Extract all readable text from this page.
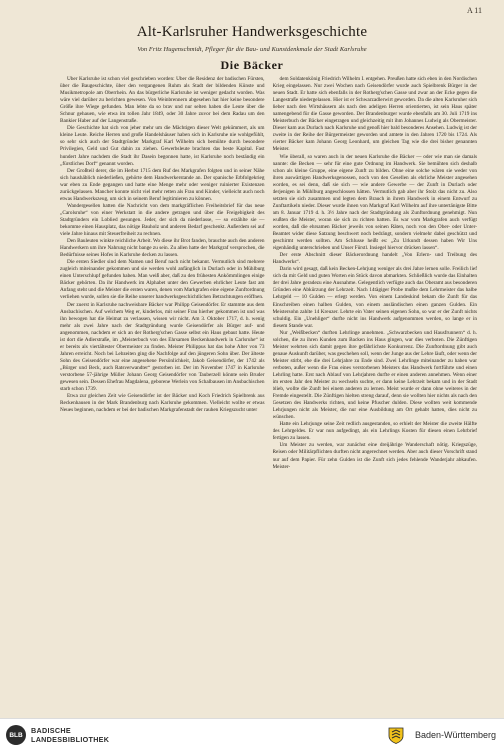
A 11
Alt-Karlsruher Handwerksgeschichte
Von Fritz Hugenschmidt, Pfleger für die Bau- und Kunstdenkmale der Stadt Karlsruhe
Die Bäcker

Über Karlsruhe ist schon viel geschrieben worden: Über die Residenz der badischen Fürsten, über die Baugeschichte, über den vergangenen Ruhm als Stadt der bildenden Künste und Musikmetropole am Oberrhein. An das bürgerliche Karlsruhe ist weniger gedacht worden. Was wäre viel darüber zu berichten gewesen. Von Weinbrennern abgesehen hat hier keine besondere Größe ihre Wiege gefunden. Man lebte da so brav und nur selten haben die Leute über die Schnur gehauen, wie etwa im tollen Jahr 1849, oder 30 Jahre zuvor bei dem Radau um den Bankier Haber auf der Langenstraße.

Die Geschichte hat sich von jeher mehr um die Mächtigen dieser Welt gekümmert, als um kleine Leute. Reiche Herren und große Handelshäuser haben sich in Karlsruhe nie wohlgefühlt, so sehr sich auch der Stadtgründer Markgraf Karl Wilhelm sich bemühte durch besondere Privilegien, Geld und Gut dahin zu ziehen. Gewerbsleute brachten das beste Kapital. Fast hundert Jahre nachdem die Stadt ihr Dasein begonnen hatte, ist Karlsruhe noch beständig ein „fürstliches Dorf“ genannt worden.

Der Großteil derer, die im Herbst 1715 dem Ruf des Markgrafen folgten und in seiner Nähe sich haushäblich niederließen, gehörte dem Handwerkerstande an. Der spanische Erbfolgekrieg war eben zu Ende gegangen und hatte eine Menge mehr oder weniger ruinierter Existenzen zurückgelassen. Mancher konnte nicht viel mehr retten als Frau und Kinder, vielleicht auch noch etwas Handwerkszeug, um sich in seinem Beruf legitimieren zu können.

Wandergesellen hatten die Nachricht von dem markgräflichen Freiheitsbrief für das neue „Carolsruhe“ von einer Werkstatt in die andere getragen und über die Freigebigkeit des Stadtgründers ein Loblied gesungen. Jeder, der sich da niederlasse, — so erzählte sie — bekomme einen Hausplatz, das nötige Bauholz und anderen Bedarf geschenkt. Außerdem sei auf viele Jahre hinaus mit Steuerfreiheit zu rechnen.

Den Bauleuten winkte reichliche Arbeit. Wo diese ihr Brot fanden, brauchte auch den anderen Handwerkern um ihre Nahrung nicht bange zu sein. Zu allen hatte der Markgraf versprochen, die Bedürfnisse seines Hofes in Karlsruhe decken zu lassen.

Die ersten Siedler sind dem Namen und Beruf nach nicht bekannt. Vermutlich sind mehrere zugleich miteinander gekommen und sie werden wohl anfänglich in Durlach oder in Mühlburg einen Unterschlupf gefunden haben. Man weiß aber, daß zu den frühesten Ankömmlingen einige Bäcker gehörten. Da ihr Handwerk im Alphabet unter den Gewerben ehrlicher Leute fast am Anfang steht und die Meister die ersten waren, denen vom Markgrafen eine eigene Zunftordnung verliehen wurde, sollen sie die Reihe unserer handwerksgeschichtlichen Betrachtungen eröffnen.

Der zuerst in Karlsruhe nachweisbare Bäcker war Philipp Geisendörfer. Er stammte aus dem Ansbachischen. Auf welchem Weg er, kinderlos, mit seiner Frau hierher gekommen ist und was ihn bewogen hat die Heimat zu verlassen, wissen wir nicht. Am 3. Oktober 1717, d. h. wenig mehr als zwei Jahre nach der Stadtgründung wurde Geisendörfer als Bürger auf- und angenommen, nachdem er sich an der Rotherg'schen Gasse selbst ein Haus gebaut hatte. Heute ist dort die Adlerstraße, im „Meisterbuch von des Ehrsamen Beckenhandwerk in Carlsruhe“ ist er bereits als viertältester Obermeister zu finden. Meister Philippus hat das hohe Alter von 73 Jahren erreicht. Noch bei Lebzeiten ging die Nachfolge auf den jüngeren Sohn über. Der älteste Sohn des Geisendörfer war eine angesehene Persönlichkeit, Jakob Geisendörfer, der 1742 als „Bürger und Beck, auch Ratsverwandter“ gestorben ist. Der im November 1747 in Karlsruhe verstorbene 57-jährige Müller Johann Georg Geisendörfer von Tauberzell könnte sein Bruder gewesen sein. Dessen Ehefrau Magdalena, geborene Werlein von Schalbausen im Ansbachischen starb schon 1739.

Etwa zur gleichen Zeit wie Geisendörfer ist der Bäcker und Koch Friedrich Spielbrenk aus Reckenhausen in der Mark Brandenburg nach Karlsruhe gekommen. Vielleicht wollte er etwas Neues beginnen, nachdem er bei der badischen Markgrafenstadt der rauhen Kriegszucht unter

dem Soldatenkönig Friedrich Wilhelm I. entgehen. Preußen hatte sich eben in den Nordischen Krieg eingelassen. Nur zwei Wochen nach Geisendörfer wurde auch Spielbrenk Bürger in der neuen Stadt. Er hatte sich ebenfalls in der Rotherg'schen Gasse und zwar an der Ecke gegen die Langestraße niedergelassen. Hier ist er Schwarzadlerwirt geworden. Da die alten Karlsruher sich lieber nach den Wirtshäusern als nach den adeligen Herren orientierten, ist sein Haus später namengebend für die Gasse geworden. Der Brandenburger wurde ebenfalls am 30. Juli 1719 ins Meisterbuch der Bäcker eingetragen und gleichzeitig mit ihm Johannes Ludwig als Obermeister. Dieser kam aus Durlach nach Karlsruhe und genoß hier bald besonderes Ansehen. Ludwig ist der zweite in der Reihe der Bürgermeister geworden und amtete in den Jahren 1720 bis 1724. Als vierter Bäcker kam Johann Georg Leonhard, um gleichen Tag wie die drei bisher genannten Meister.

Wie überall, so waren auch in der neuen Karlsruhe die Bäcker — oder wie man sie damals nannte: die Becken — sehr für eine gute Ordnung im Handwerk. Sie bemühten sich deshalb schon als kleine Gruppe, eine eigene Zunft zu bilden. Ohne eine solche wären sie weder von ihren auswärtigen Handwerksgenossen, noch von den Gesellen als ehrliche Meister angesehen worden, es sei denn, daß sie sich — wie andere Gewerbe — der Zunft in Durlach oder derjenigen in Mühlburg angeschlossen hätten. Vermutlich gab aber ihr Stolz das nicht zu. Also setzten sie sich zusammen und legten dem Brauch in ihrem Handwerk in einem Entwurf zu Zunftartikeln nieder. Dieser wurde ihnen von Markgraf Karl Wilhelm auf ihre untertänigste Bitte am 8. Januar 1719 d. h. 3½ Jahre nach der Stadtgründung als Zunftordnung genehmigt. Nun wußten die Meister, woran sie sich zu richten hatten. Es war vom Markgrafen auch verfügt worden, daß die ehrsamen Bäcker jeweils von seinen Räten, noch von den Ober- oder Unter-Beamtet wider diese Satzung beschwert noch bedrängt, sondern vielmehr dabei geschützt und geschirmt werden sollten. Am Schlusse heißt es: „Zu Urkundt dessen haben Wir Uns eigenhändig unterschrieben und Unser Fürstl. Insiegel hiervor drücken lassen“.

Der erste Abschnitt dieser Bäckerordnung handelt „Von Erlern- und Treibung des Handwerks“.

Darin wird gesagt, daß kein Becken-Lehrjung weniger als drei Jahre lernen solle. Freilich lief sich da mit Geld und guten Worten ein Stück davon abmarkten. Schließlich wurde das Einhalten der drei Jahre geradezu eine Ausnahme. Gelegentlich verfügte auch das Oberamt aus besonderen Gründen eine Abkürzung der Lehrzeit. Nach 14tägiger Probe mußte dem Lehrmeister das halbe Lehrgeld — 10 Gulden — erlegt werden. Von einem Landeskind bekam die Zunft für das Einschreiben einen halben Gulden, von einem ausländischen einen ganzen Gulden. Ein Meistersohn zahlte 14 Kreuzer. Lehrte ein Vater seinen eigenen Sohn, so war er der Zunft nichts schuldig. Ein „Unehliger“ durfte nicht ins Handwerk aufgenommen werden, so lange er in diesem Stande war.

Nur „Weißbecken“ durften Lehrlinge annehmen. „Schwarzbecken und Hausfrunnern“ d. h. solchen, die zu ihren Kunden zum Backen ins Haus gingen, war dies verboten. Die Zünftigen Meister wehrten sich damit gegen ihre gefährlichste Konkurrenz. Die Zunftordnung gibt auch genaue Auskunft darüber, was geschehen soll, wenn der Junge aus der Lehre läuft, oder wenn der Meister stirbt, ehe die drei Lehrjahre zu Ende sind. Zwei Lehrlinge miteinander zu haben war verboten, außer wenn die Frau eines verstorbenen Meisters das Handwerk fortführte und einen Lehrling hatte. Erst nach Ablauf von Lehrjahren durfte er einen anderen annehmen. Wenn einer im ersten Jahr den Meister zu wechseln suchte, er dann keine Lehrzeit bekam und in der Stadt blieb, wollte die Zunft bei einem anderen zu lernen. Meist wurde er dann ohne weiteres in der Fremde eingestellt. Die Zünftigen hielten streng darauf, denn sie wollten hier nichts als nach den Gesetzen des Handwerks richten, und keine Pfuscher dulden. Diese wollten weit kommende Lehrjungen nicht als Meister, die nur eine Ausbildung am Ort gehabt hatten, dies nicht zu wünschen.

Hatte ein Lehrjunge seine Zeit redlich ausgestanden, so erhielt der Meister die zweite Hälfte des Lehrgeldes. Er war nun aufgedingt, als ein Lehrlings Kosten für diesen einen Lehrbrief fertigen zu lassen.

Um Meister zu werden, war zunächst eine dreijährige Wanderschaft nötig. Kriegszüge, Reisen oder Militärpflichten durften nicht angerechnet werden. Aber auch dieser Vorschrift stand nur auf dem Papier. Für zehn Gulden ist die Zunft sich jedes fehlende Wanderjahr abkaufen. Meister-

BLB	BADISCHE
LANDESBIBLIOTHEK	Baden-Württemberg
